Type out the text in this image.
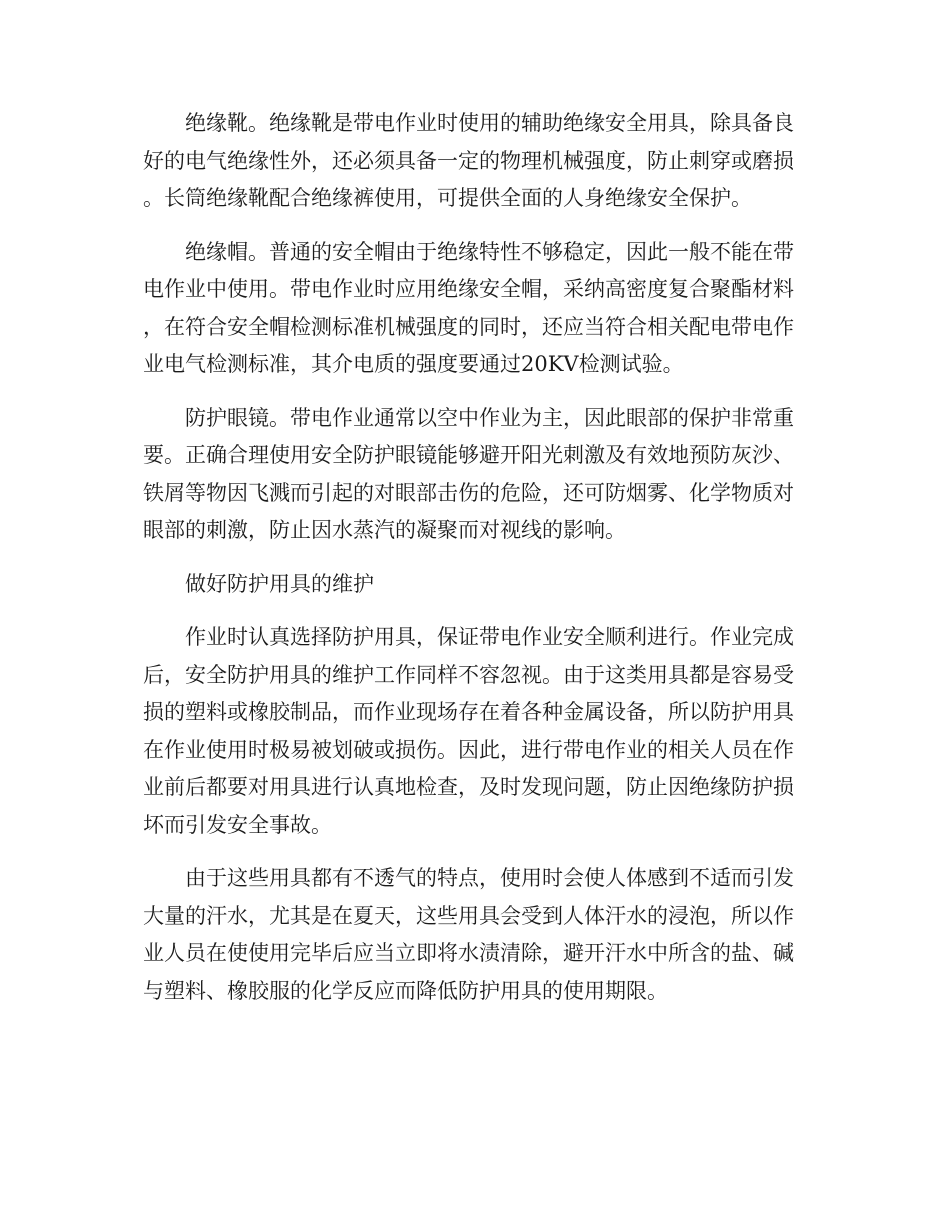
绝缘靴。绝缘靴是带电作业时使用的辅助绝缘安全用具，除具备良好的电气绝缘性外，还必须具备一定的物理机械强度，防止刺穿或磨损。长筒绝缘靴配合绝缘裤使用，可提供全面的人身绝缘安全保护。

绝缘帽。普通的安全帽由于绝缘特性不够稳定，因此一般不能在带电作业中使用。带电作业时应用绝缘安全帽，采纳高密度复合聚酯材料，在符合安全帽检测标准机械强度的同时，还应当符合相关配电带电作业电气检测标准，其介电质的强度要通过20KV检测试验。

防护眼镜。带电作业通常以空中作业为主，因此眼部的保护非常重要。正确合理使用安全防护眼镜能够避开阳光刺激及有效地预防灰沙、铁屑等物因飞溅而引起的对眼部击伤的危险，还可防烟雾、化学物质对眼部的刺激，防止因水蒸汽的凝聚而对视线的影响。

做好防护用具的维护

作业时认真选择防护用具，保证带电作业安全顺利进行。作业完成后，安全防护用具的维护工作同样不容忽视。由于这类用具都是容易受损的塑料或橡胶制品，而作业现场存在着各种金属设备，所以防护用具在作业使用时极易被划破或损伤。因此，进行带电作业的相关人员在作业前后都要对用具进行认真地检查，及时发现问题，防止因绝缘防护损坏而引发安全事故。

由于这些用具都有不透气的特点，使用时会使人体感到不适而引发大量的汗水，尤其是在夏天，这些用具会受到人体汗水的浸泡，所以作业人员在使使用完毕后应当立即将水渍清除，避开汗水中所含的盐、碱与塑料、橡胶服的化学反应而降低防护用具的使用期限。
